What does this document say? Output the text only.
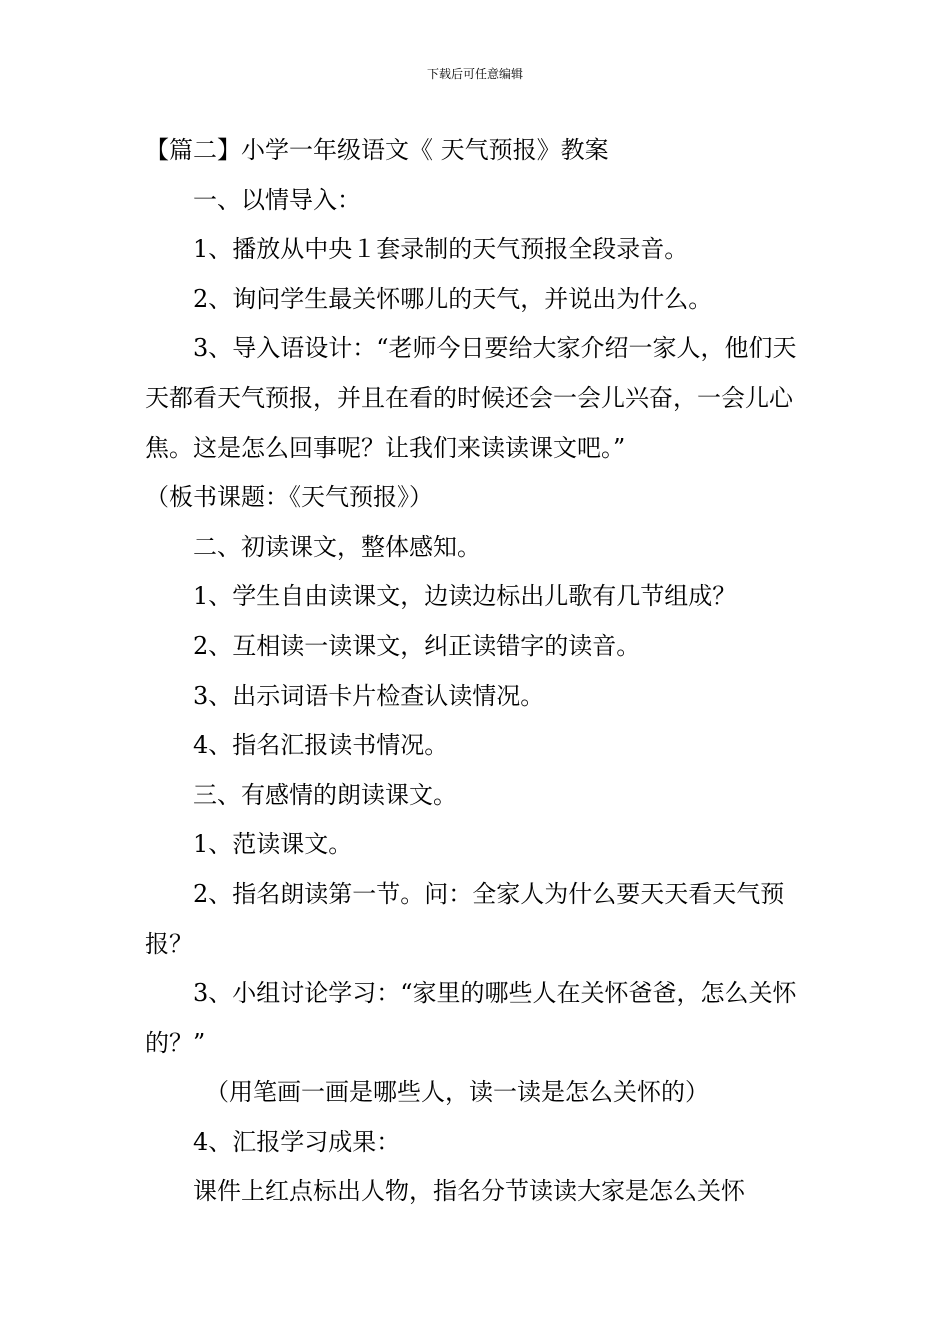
下载后可任意编辑

【篇二】小学一年级语文《 天气预报》教案

一、以情导入：

1、播放从中央１套录制的天气预报全段录音。

2、询问学生最关怀哪儿的天气，并说出为什么。

3、导入语设计：“老师今日要给大家介绍一家人，他们天天都看天气预报，并且在看的时候还会一会儿兴奋，一会儿心焦。这是怎么回事呢？让我们来读读课文吧。”

（板书课题：《天气预报》）

二、初读课文，整体感知。

1、学生自由读课文，边读边标出儿歌有几节组成？

2、互相读一读课文，纠正读错字的读音。

3、出示词语卡片检查认读情况。

4、指名汇报读书情况。

三、有感情的朗读课文。

1、范读课文。

2、指名朗读第一节。问：全家人为什么要天天看天气预报？

3、小组讨论学习：“家里的哪些人在关怀爸爸，怎么关怀的？”

（用笔画一画是哪些人，读一读是怎么关怀的）

4、汇报学习成果：

课件上红点标出人物，指名分节读读大家是怎么关怀
